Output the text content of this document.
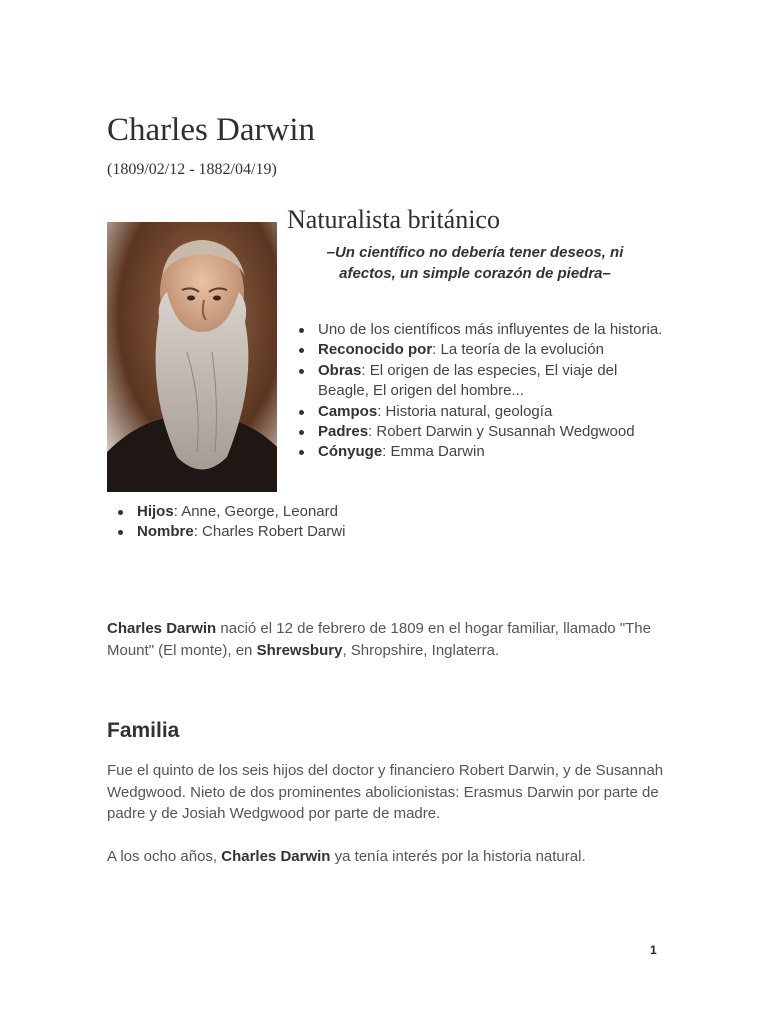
Charles Darwin
(1809/02/12 - 1882/04/19)
Naturalista británico
–Un científico no debería tener deseos, ni afectos, un simple corazón de piedra–
Uno de los científicos más influyentes de la historia.
Reconocido por: La teoría de la evolución
Obras: El origen de las especies, El viaje del Beagle, El origen del hombre...
Campos: Historia natural, geología
Padres: Robert Darwin y Susannah Wedgwood
Cónyuge: Emma Darwin
Hijos: Anne, George, Leonard
Nombre: Charles Robert Darwi

Charles Darwin nació el 12 de febrero de 1809 en el hogar familiar, llamado "The Mount" (El monte), en Shrewsbury, Shropshire, Inglaterra.

Familia

Fue el quinto de los seis hijos del doctor y financiero Robert Darwin, y de Susannah Wedgwood. Nieto de dos prominentes abolicionistas: Erasmus Darwin por parte de padre y de Josiah Wedgwood por parte de madre.

A los ocho años, Charles Darwin ya tenía interés por la historia natural.

1
